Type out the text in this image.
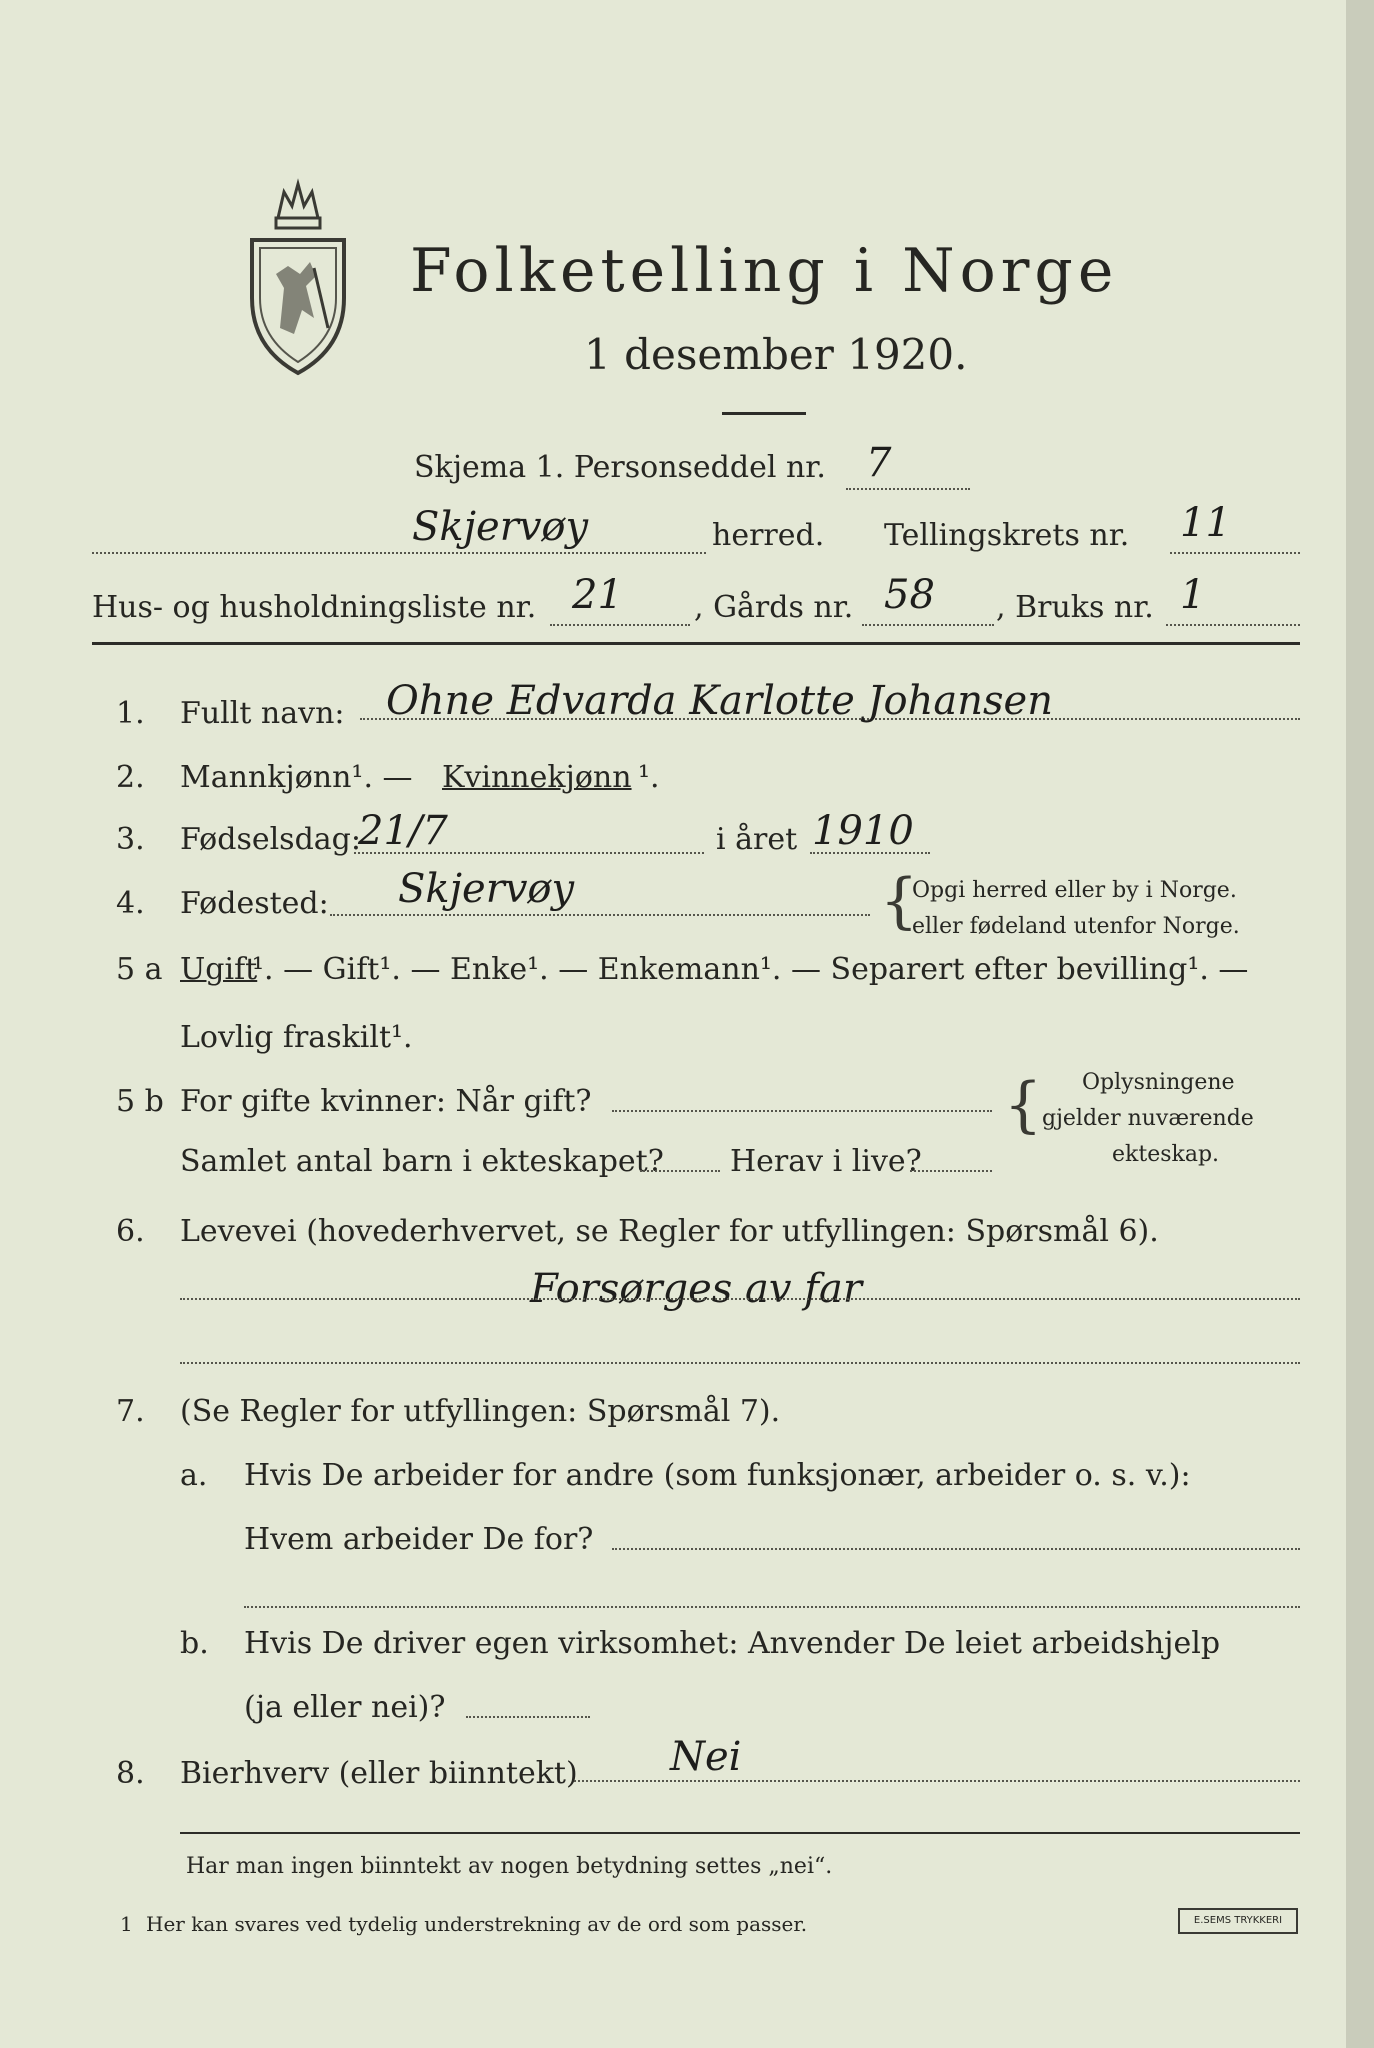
Folketelling i Norge
1 desember 1920.
Skjema 1. Personseddel nr. 7
Skjervøy	herred. Tellingskrets nr. 11
Hus- og husholdningsliste nr. 21 , Gårds nr. 58 , Bruks nr. 1
1. Fullt navn: Ohne Edvarda Karlotte Johansen
2. Mannkjønn¹. — Kvinnekjønn ¹.
3. Fødselsdag:
21/7	i året 1910
4. Fødested: Skjervøy	{
Opgi herred eller by i Norge.
eller fødeland utenfor Norge.
5 a Ugift
¹. — Gift¹. — Enke¹. — Enkemann¹. — Separert efter bevilling¹. —
Lovlig fraskilt¹.
5 b For gifte kvinner: Når gift?
Samlet antal barn i ekteskapet? Herav i live?
{ Oplysningene
gjelder nuværende
ekteskap.
6. Levevei (hovederhvervet, se Regler for utfyllingen: Spørsmål 6).
Forsørges av far
7. (Se Regler for utfyllingen: Spørsmål 7).
a. Hvis De arbeider for andre (som funksjonær, arbeider o. s. v.):
Hvem arbeider De for?
b. Hvis De driver egen virksomhet: Anvender De leiet arbeidshjelp
(ja eller nei)?
8. Bierhverv (eller biinntekt) Nei
Har man ingen biinntekt av nogen betydning settes „nei“.
1 Her kan svares ved tydelig understrekning av de ord som passer.	E.SEMS TRYKKERI
